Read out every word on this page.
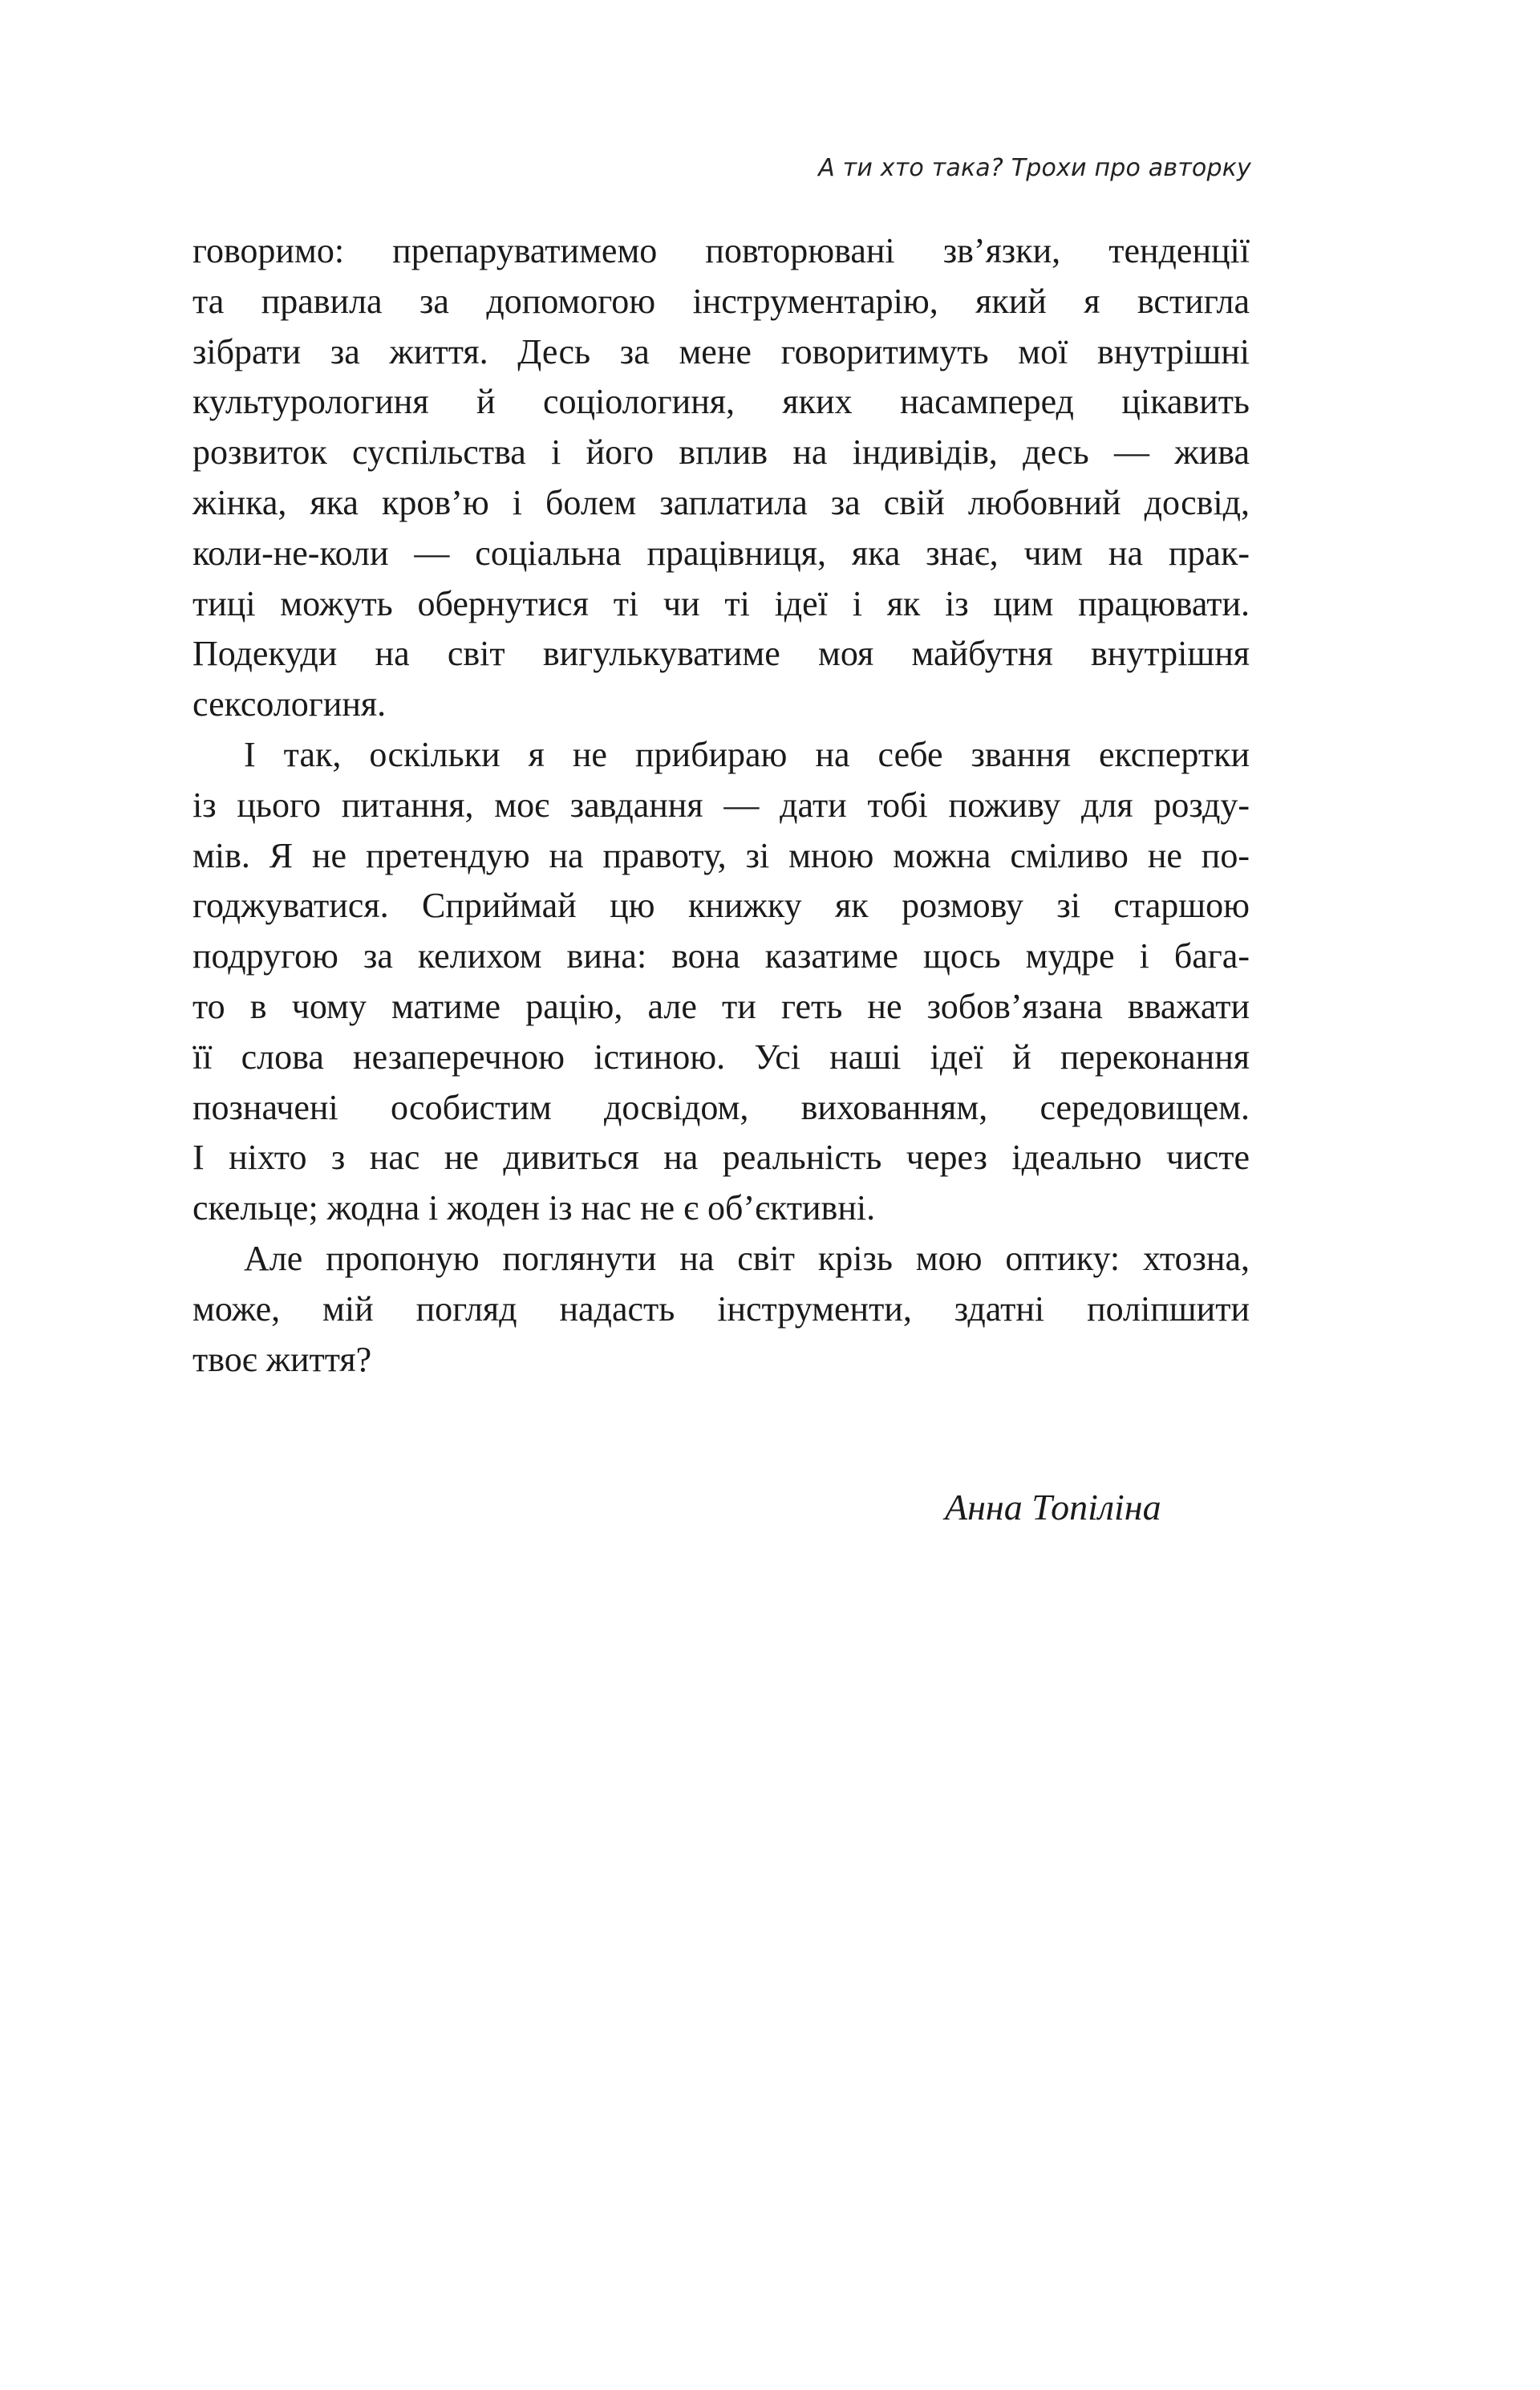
А ти хто така? Трохи про авторку
говоримо: препаруватимемо повторювані зв’язки, тенденції
та правила за допомогою інструментарію, який я встигла
зібрати за життя. Десь за мене говоритимуть мої внутрішні
культурологиня й соціологиня, яких насамперед цікавить
розвиток суспільства і його вплив на індивідів, десь — жива
жінка, яка кров’ю і болем заплатила за свій любовний досвід,
коли-не-коли — соціальна працівниця, яка знає, чим на прак-
тиці можуть обернутися ті чи ті ідеї і як із цим працювати.
Подекуди на світ вигулькуватиме моя майбутня внутрішня
сексологиня.
І так, оскільки я не прибираю на себе звання експертки
із цього питання, моє завдання — дати тобі поживу для розду-
мів. Я не претендую на правоту, зі мною можна сміливо не по-
годжуватися. Сприймай цю книжку як розмову зі старшою
подругою за келихом вина: вона казатиме щось мудре і бага-
то в чому матиме рацію, але ти геть не зобов’язана вважати
її слова незаперечною істиною. Усі наші ідеї й переконання
позначені особистим досвідом, вихованням, середовищем.
І ніхто з нас не дивиться на реальність через ідеально чисте
скельце; жодна і жоден із нас не є об’єктивні.
Але пропоную поглянути на світ крізь мою оптику: хтозна,
може, мій погляд надасть інструменти, здатні поліпшити
твоє життя?
Анна Топіліна
